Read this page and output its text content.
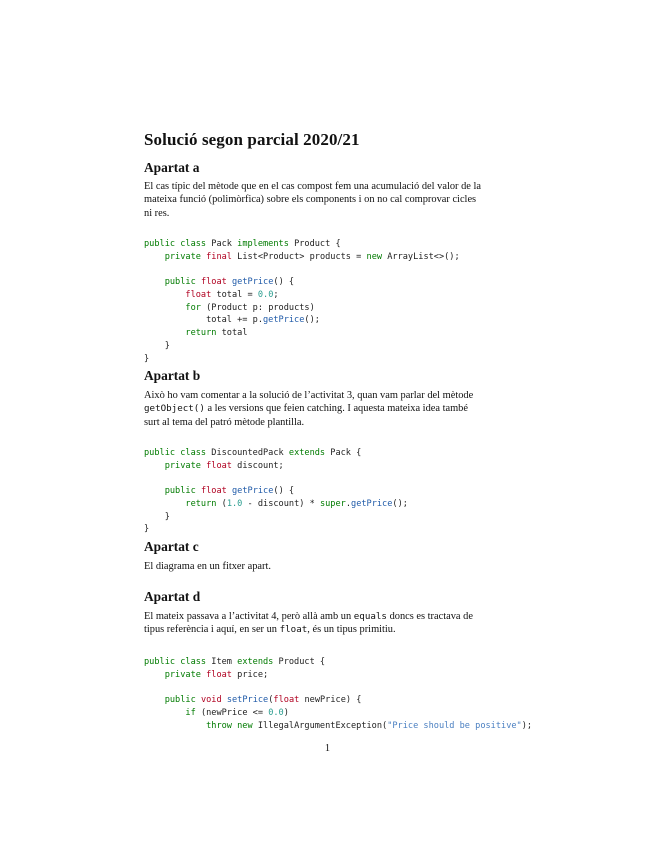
Solució segon parcial 2020/21
Apartat a
El cas típic del mètode que en el cas compost fem una acumulació del valor de la
mateixa funció (polimòrfica) sobre els components i on no cal comprovar cicles
ni res.

public class Pack implements Product {
private final List<Product> products = new ArrayList<>();
public float getPrice() {
float total = 0.0;
for (Product p: products)
total += p.getPrice();
return total
}
}

Apartat b
Això ho vam comentar a la solució de l’activitat 3, quan vam parlar del mètode
getObject() a les versions que feien catching. I aquesta mateixa idea també
surt al tema del patró mètode plantilla.

public class DiscountedPack extends Pack {
private float discount;
public float getPrice() {
return (1.0 - discount) * super.getPrice();
}
}

Apartat c
El diagrama en un fitxer apart.
Apartat d
El mateix passava a l’activitat 4, però allà amb un equals doncs es tractava de
tipus referència i aquí, en ser un float, és un tipus primitiu.

public class Item extends Product {
private float price;
public void setPrice(float newPrice) {
if (newPrice <= 0.0)
throw new IllegalArgumentException("Price should be positive");

1
